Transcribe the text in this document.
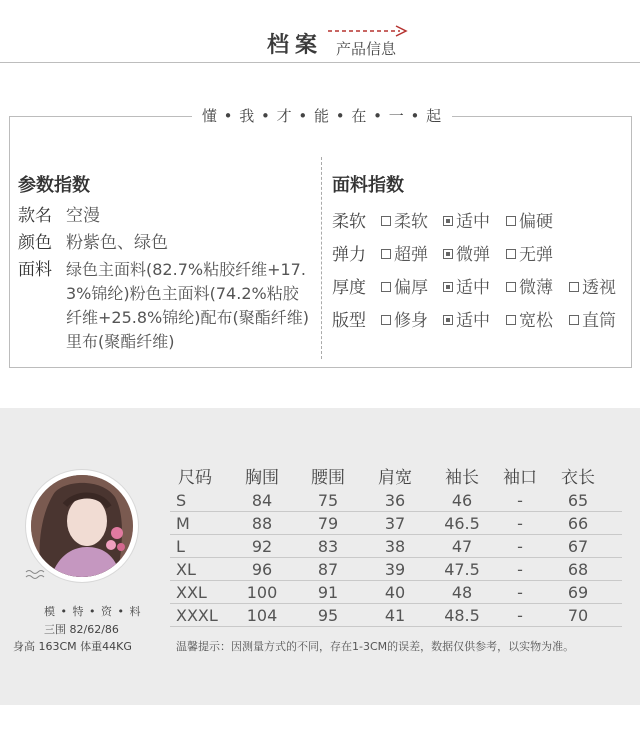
档案 产品信息
懂 • 我 • 才 • 能 • 在 • 一 • 起
参数指数
款名 空漫
颜色 粉紫色、绿色
面料 绿色主面料(82.7%粘胶纤维+17.3%锦纶)粉色主面料(74.2%粘胶纤维+25.8%锦纶)配布(聚酯纤维)里布(聚酯纤维)
面料指数
柔软	柔软	适中	偏硬
弹力	超弹	微弹	无弹
厚度	偏厚	适中	微薄	透视
版型	修身	适中	宽松	直筒
模 • 特 • 资 • 料
三围 82/62/86
身高 163CM 体重44KG
尺码	胸围	腰围	肩宽	袖长	袖口	衣长
S	84	75	36	46	-	65
M	88	79	37	46.5	-	66
L	92	83	38	47	-	67
XL	96	87	39	47.5	-	68
XXL	100	91	40	48	-	69
XXXL	104	95	41	48.5	-	70
温馨提示：因测量方式的不同，存在1-3CM的误差，数据仅供参考，以实物为准。
